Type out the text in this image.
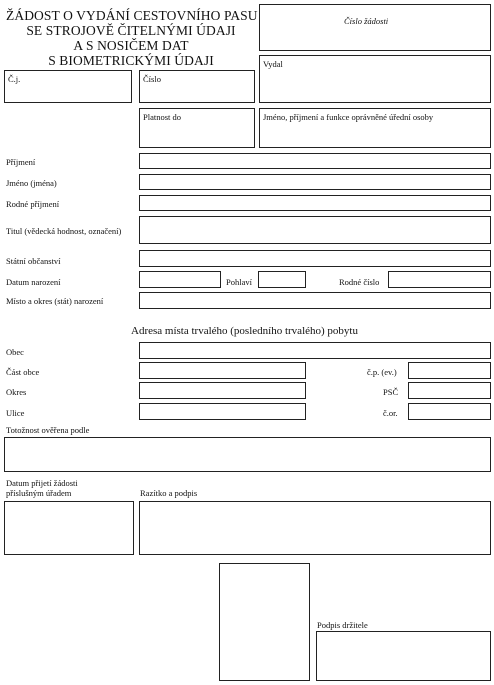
ŽÁDOST O VYDÁNÍ CESTOVNÍHO PASU
SE STROJOVĚ ČITELNÝMI ÚDAJI
A S NOSIČEM DAT
S BIOMETRICKÝMI ÚDAJI
Číslo žádosti
Č.j.	Číslo
Vydal
Platnost do	Jméno, příjmení a funkce oprávněné úřední osoby
Příjmení
Jméno (jména)
Rodné příjmení
Titul (vědecká hodnost, označení)
Státní občanství
Datum narození	Pohlaví	Rodné číslo
Místo a okres (stát) narození
Adresa místa trvalého (posledního trvalého) pobytu
Obec
Část obce	č.p. (ev.)
Okres	PSČ
Ulice	č.or.
Totožnost ověřena podle
Datum přijetí žádosti
příslušným úřadem	Razítko a podpis
Podpis držitele
